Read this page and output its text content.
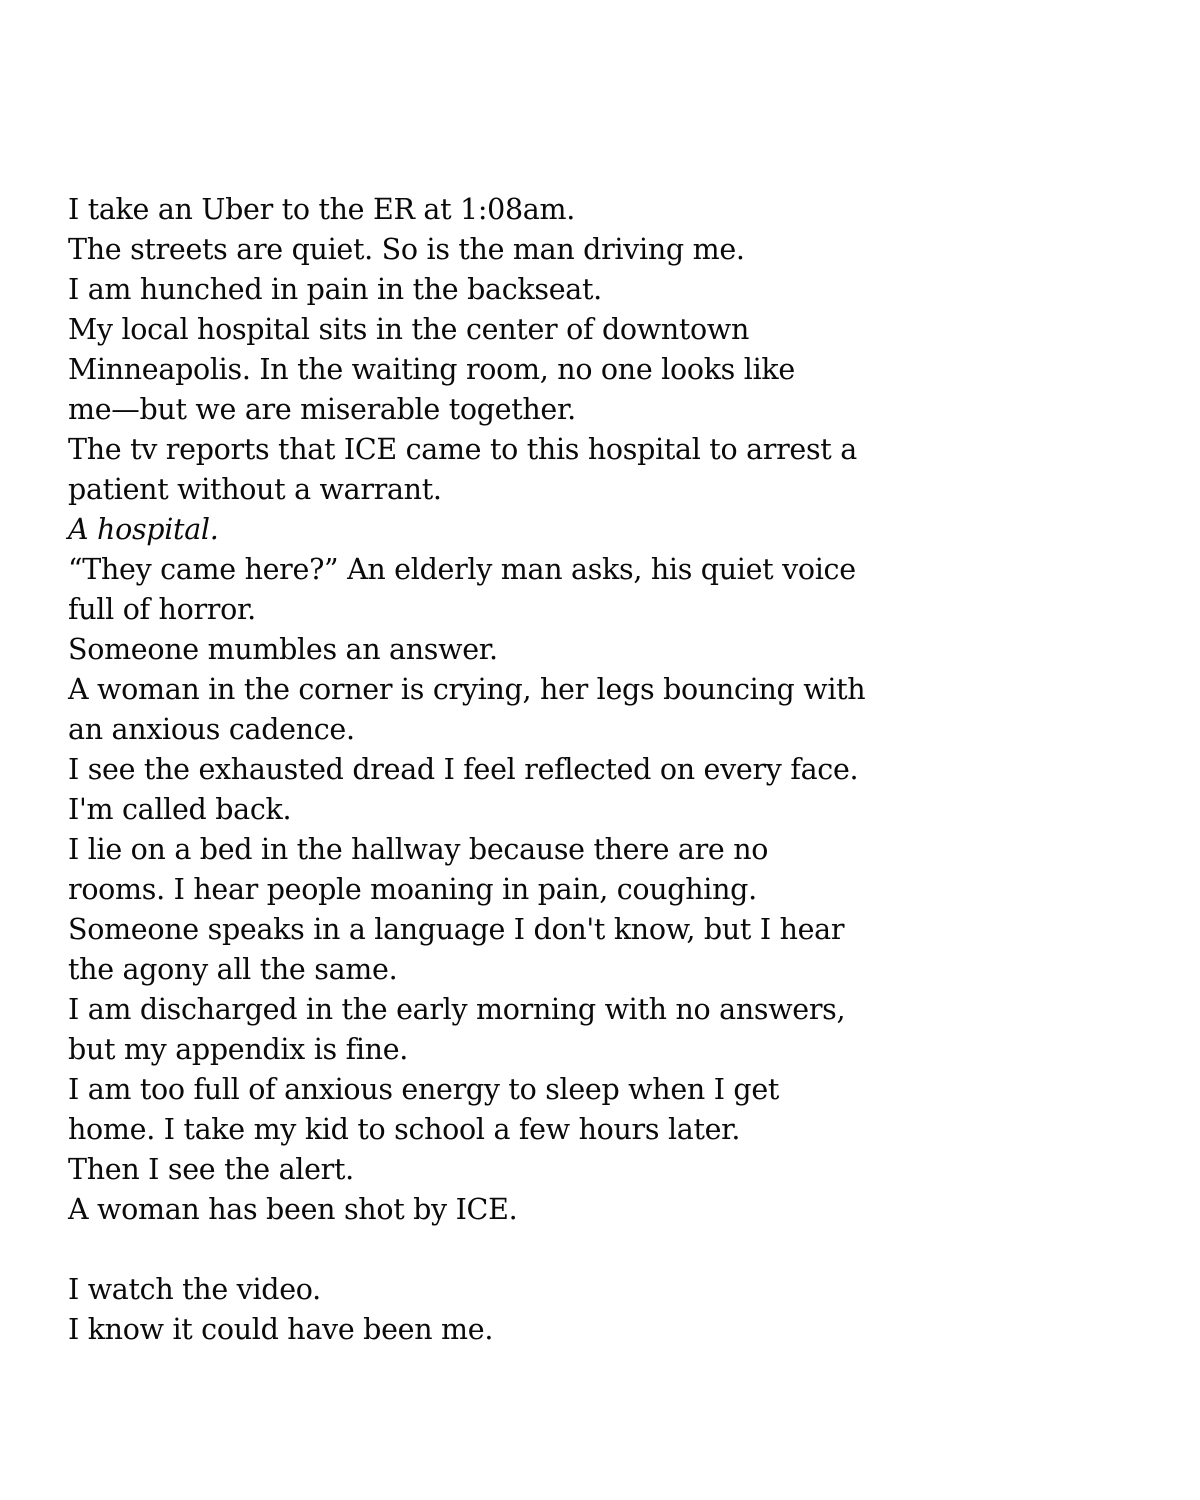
I take an Uber to the ER at 1:08am.
The streets are quiet. So is the man driving me.
I am hunched in pain in the backseat.
My local hospital sits in the center of downtown
Minneapolis. In the waiting room, no one looks like
me—but we are miserable together.
The tv reports that ICE came to this hospital to arrest a
patient without a warrant.
A hospital.
“They came here?” An elderly man asks, his quiet voice
full of horror.
Someone mumbles an answer.
A woman in the corner is crying, her legs bouncing with
an anxious cadence.
I see the exhausted dread I feel reflected on every face.
I'm called back.
I lie on a bed in the hallway because there are no
rooms. I hear people moaning in pain, coughing.
Someone speaks in a language I don't know, but I hear
the agony all the same.
I am discharged in the early morning with no answers,
but my appendix is fine.
I am too full of anxious energy to sleep when I get
home. I take my kid to school a few hours later.
Then I see the alert.
A woman has been shot by ICE.
I watch the video.
I know it could have been me.
